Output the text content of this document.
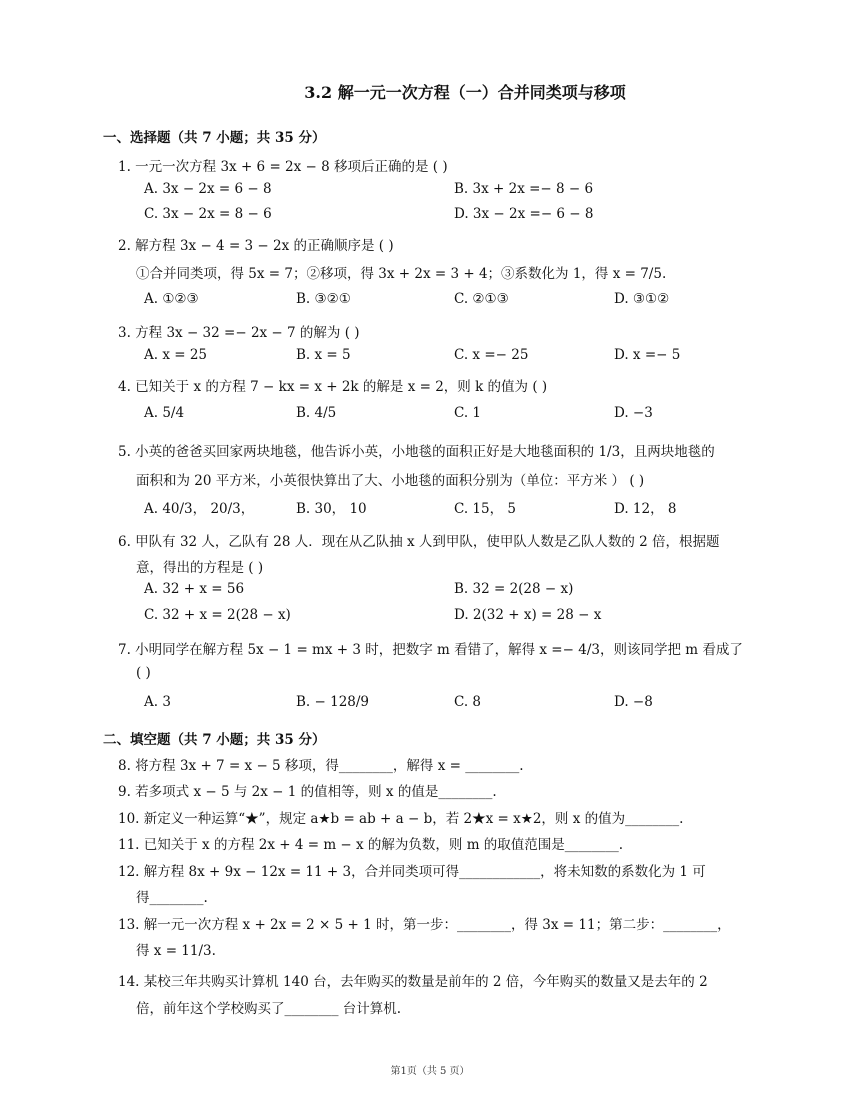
3.2 解一元一次方程（一）合并同类项与移项
一、选择题（共 7 小题；共 35 分）
1. 一元一次方程 3x + 6 = 2x − 8 移项后正确的是 ( )
A. 3x − 2x = 6 − 8	B. 3x + 2x =− 8 − 6
C. 3x − 2x = 8 − 6	D. 3x − 2x =− 6 − 8
2. 解方程 3x − 4 = 3 − 2x 的正确顺序是 ( )
①合并同类项，得 5x = 7；②移项，得 3x + 2x = 3 + 4；③系数化为 1，得 x = 7/5.
A. ①②③	B. ③②①	C. ②①③	D. ③①②
3. 方程 3x − 32 =− 2x − 7 的解为 ( )
A. x = 25	B. x = 5	C. x =− 25	D. x =− 5
4. 已知关于 x 的方程 7 − kx = x + 2k 的解是 x = 2，则 k 的值为 ( )
A. 5/4	B. 4/5	C. 1	D. −3
5. 小英的爸爸买回家两块地毯，他告诉小英，小地毯的面积正好是大地毯面积的 1/3，且两块地毯的
面积和为 20 平方米，小英很快算出了大、小地毯的面积分别为（单位：平方米 ） ( )
A. 40/3， 20/3，	B. 30， 10	C. 15， 5	D. 12， 8
6. 甲队有 32 人，乙队有 28 人．现在从乙队抽 x 人到甲队，使甲队人数是乙队人数的 2 倍，根据题
意，得出的方程是 ( )
A. 32 + x = 56	B. 32 = 2(28 − x)
C. 32 + x = 2(28 − x)	D. 2(32 + x) = 28 − x
7. 小明同学在解方程 5x − 1 = mx + 3 时，把数字 m 看错了，解得 x =− 4/3，则该同学把 m 看成了
( )
A. 3	B. − 128/9	C. 8	D. −8
二、填空题（共 7 小题；共 35 分）
8. 将方程 3x + 7 = x − 5 移项，得________，解得 x = ________.
9. 若多项式 x − 5 与 2x − 1 的值相等，则 x 的值是________.
10. 新定义一种运算“★”，规定 a★b = ab + a − b，若 2★x = x★2，则 x 的值为________.
11. 已知关于 x 的方程 2x + 4 = m − x 的解为负数，则 m 的取值范围是________.
12. 解方程 8x + 9x − 12x = 11 + 3，合并同类项可得____________，将未知数的系数化为 1 可
得________.
13. 解一元一次方程 x + 2x = 2 × 5 + 1 时，第一步：________，得 3x = 11；第二步：________，
得 x = 11/3.
14. 某校三年共购买计算机 140 台，去年购买的数量是前年的 2 倍，今年购买的数量又是去年的 2
倍，前年这个学校购买了________ 台计算机.
第1页（共 5 页）
